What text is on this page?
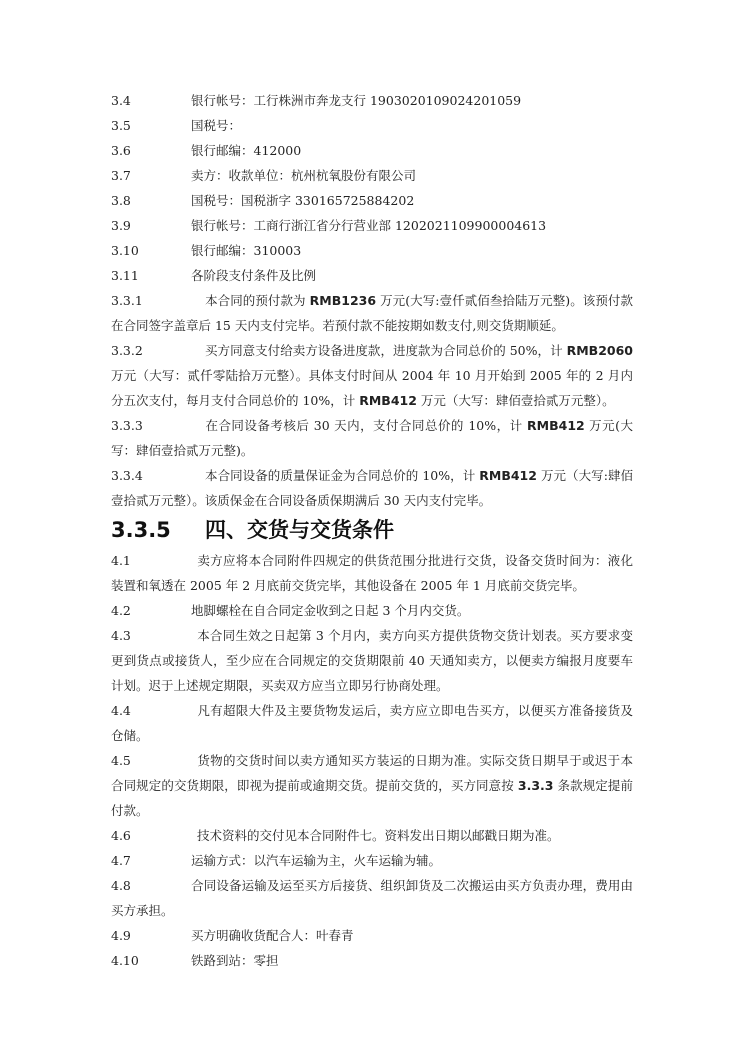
3.4	银行帐号：工行株洲市奔龙支行 1903020109024201059

3.5	国税号：

3.6	银行邮编：412000

3.7	卖方：收款单位：杭州杭氧股份有限公司

3.8	国税号：国税浙字 330165725884202

3.9	银行帐号：工商行浙江省分行营业部 1202021109900004613

3.10	银行邮编：310003

3.11	各阶段支付条件及比例

3.3.1	本合同的预付款为 RMB1236 万元(大写:壹仟贰佰叁拾陆万元整)。该预付款在合同签字盖章后 15 天内支付完毕。若预付款不能按期如数支付,则交货期顺延。

3.3.2	买方同意支付给卖方设备进度款，进度款为合同总价的 50%，计 RMB2060 万元（大写：贰仟零陆拾万元整）。具体支付时间从 2004 年 10 月开始到 2005 年的 2 月内分五次支付，每月支付合同总价的 10%，计 RMB412 万元（大写：肆佰壹拾贰万元整）。

3.3.3	在合同设备考核后 30 天内，支付合同总价的 10%，计 RMB412 万元(大写：肆佰壹拾贰万元整)。

3.3.4	本合同设备的质量保证金为合同总价的 10%，计 RMB412 万元（大写:肆佰壹拾贰万元整）。该质保金在合同设备质保期满后 30 天内支付完毕。

3.3.5 四、交货与交货条件

4.1	卖方应将本合同附件四规定的供货范围分批进行交货，设备交货时间为：液化装置和氧透在 2005 年 2 月底前交货完毕，其他设备在 2005 年 1 月底前交货完毕。

4.2	地脚螺栓在自合同定金收到之日起 3 个月内交货。

4.3	本合同生效之日起第 3 个月内，卖方向买方提供货物交货计划表。买方要求变更到货点或接货人，至少应在合同规定的交货期限前 40 天通知卖方，以便卖方编报月度要车计划。迟于上述规定期限，买卖双方应当立即另行协商处理。

4.4	凡有超限大件及主要货物发运后，卖方应立即电告买方，以便买方准备接货及仓储。

4.5	货物的交货时间以卖方通知买方装运的日期为准。实际交货日期早于或迟于本合同规定的交货期限，即视为提前或逾期交货。提前交货的，买方同意按 3.3.3 条款规定提前付款。

4.6	技术资料的交付见本合同附件七。资料发出日期以邮戳日期为准。

4.7	运输方式：以汽车运输为主，火车运输为辅。

4.8	合同设备运输及运至买方后接货、组织卸货及二次搬运由买方负责办理，费用由买方承担。

4.9	买方明确收货配合人：叶春青

4.10	铁路到站：零担
